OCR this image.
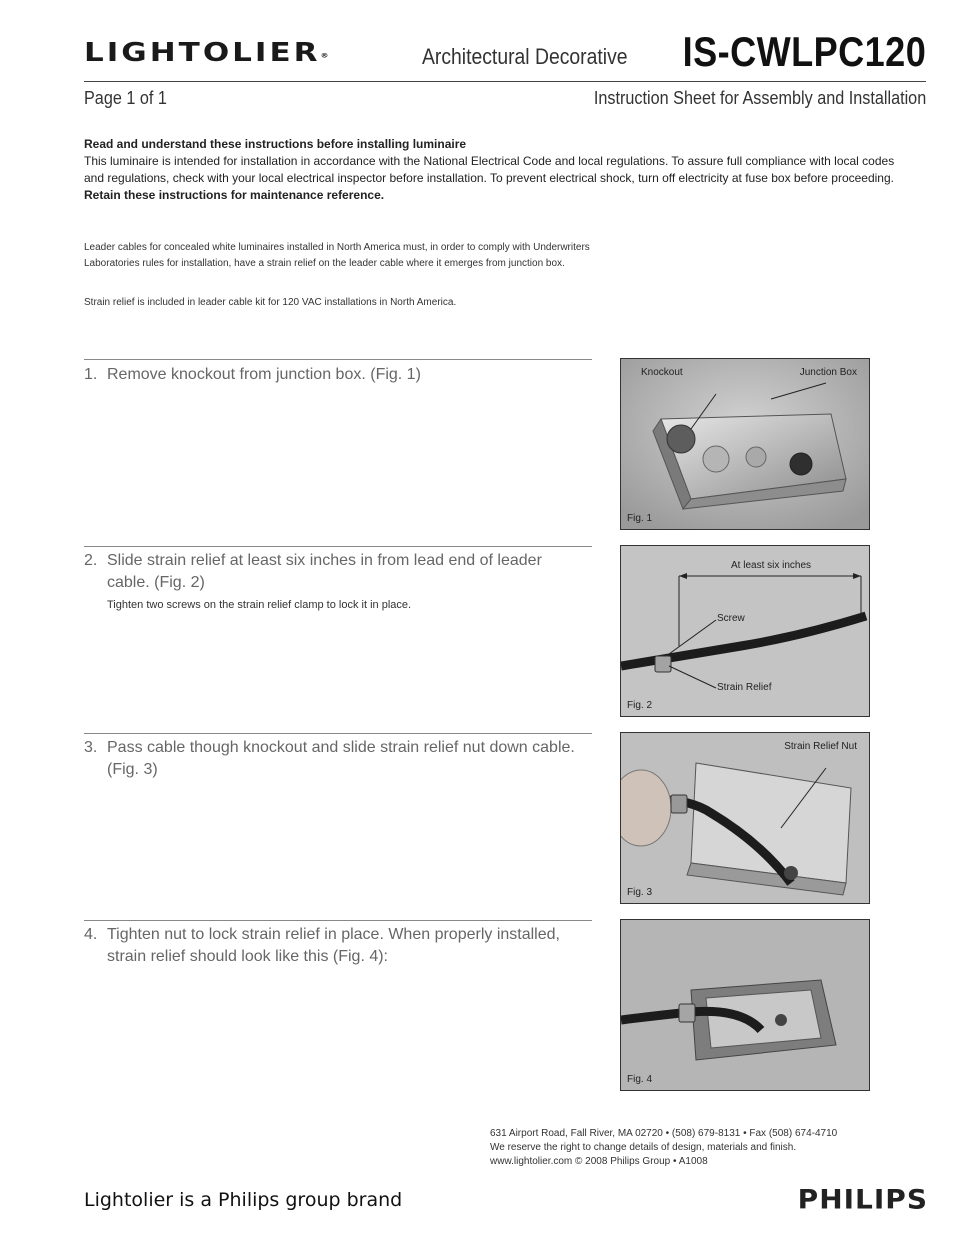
LIGHTOLIER®	Architectural Decorative IS-CWLPC120
Page 1 of 1	Instruction Sheet for Assembly and Installation

Read and understand these instructions before installing luminaire

This luminaire is intended for installation in accordance with the National Electrical Code and local regulations. To assure full compliance with local codes and regulations, check with your local electrical inspector before installation. To prevent electrical shock, turn off electricity at fuse box before proceeding.

Retain these instructions for maintenance reference.

Leader cables for concealed white luminaires installed in North America must, in order to comply with Underwriters Laboratories rules for installation, have a strain relief on the leader cable where it emerges from junction box.

Strain relief is included in leader cable kit for 120 VAC installations in North America.

1. Remove knockout from junction box. (Fig. 1)
2. Slide strain relief at least six inches in from lead end of leader cable. (Fig. 2)
Tighten two screws on the strain relief clamp to lock it in place.
3. Pass cable though knockout and slide strain relief nut down cable. (Fig. 3)
4. Tighten nut to lock strain relief in place. When properly installed, strain relief should look like this (Fig. 4):
Knockout	Junction Box
Fig. 1
At least six inches
Screw
Strain Relief
Fig. 2
Strain Relief Nut
Fig. 3
Fig. 4

631 Airport Road, Fall River, MA 02720 • (508) 679-8131 • Fax (508) 674-4710

We reserve the right to change details of design, materials and finish.

www.lightolier.com © 2008 Philips Group • A1008

Lightolier is a Philips group brand	PHILIPS
